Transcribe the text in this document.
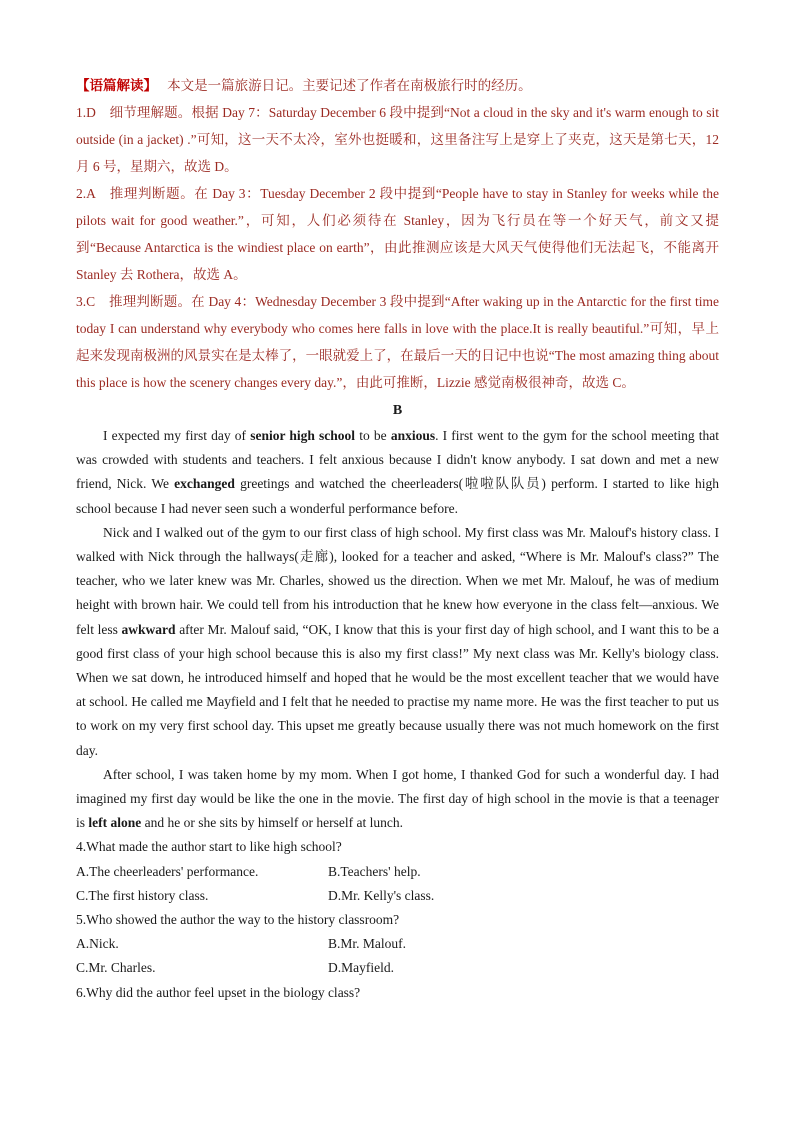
【语篇解读】 本文是一篇旅游日记。主要记述了作者在南极旅行时的经历。

1.D　细节理解题。根据 Day 7：Saturday December 6 段中提到“Not a cloud in the sky and it's warm enough to sit outside (in a jacket) .”可知，这一天不太冷，室外也挺暖和，这里备注写上是穿上了夹克，这天是第七天，12 月 6 号，星期六，故选 D。

2.A　推理判断题。在 Day 3：Tuesday December 2 段中提到“People have to stay in Stanley for weeks while the pilots wait for good weather.”，可知，人们必须待在 Stanley，因为飞行员在等一个好天气，前文又提到“Because Antarctica is the windiest place on earth”，由此推测应该是大风天气使得他们无法起飞，不能离开 Stanley 去 Rothera，故选 A。

3.C　推理判断题。在 Day 4：Wednesday December 3 段中提到“After waking up in the Antarctic for the first time today I can understand why everybody who comes here falls in love with the place.It is really beautiful.”可知，早上起来发现南极洲的风景实在是太棒了，一眼就爱上了，在最后一天的日记中也说“The most amazing thing about this place is how the scenery changes every day.”，由此可推断，Lizzie 感觉南极很神奇，故选 C。

B

I expected my first day of senior high school to be anxious. I first went to the gym for the school meeting that was crowded with students and teachers. I felt anxious because I didn't know anybody. I sat down and met a new friend, Nick. We exchanged greetings and watched the cheerleaders(啦啦队队员) perform. I started to like high school because I had never seen such a wonderful performance before.

Nick and I walked out of the gym to our first class of high school. My first class was Mr. Malouf's history class. I walked with Nick through the hallways(走廊), looked for a teacher and asked, “Where is Mr. Malouf's class?” The teacher, who we later knew was Mr. Charles, showed us the direction. When we met Mr. Malouf, he was of medium height with brown hair. We could tell from his introduction that he knew how everyone in the class felt—anxious. We felt less awkward after Mr. Malouf said, “OK, I know that this is your first day of high school, and I want this to be a good first class of your high school because this is also my first class!” My next class was Mr. Kelly's biology class. When we sat down, he introduced himself and hoped that he would be the most excellent teacher that we would have at school. He called me Mayfield and I felt that he needed to practise my name more. He was the first teacher to put us to work on my very first school day. This upset me greatly because usually there was not much homework on the first day.

After school, I was taken home by my mom. When I got home, I thanked God for such a wonderful day. I had imagined my first day would be like the one in the movie. The first day of high school in the movie is that a teenager is left alone and he or she sits by himself or herself at lunch.

4.What made the author start to like high school?

A.The cheerleaders' performance.	B.Teachers' help.
C.The first history class.	D.Mr. Kelly's class.

5.Who showed the author the way to the history classroom?

A.Nick.	B.Mr. Malouf.
C.Mr. Charles.	D.Mayfield.

6.Why did the author feel upset in the biology class?
